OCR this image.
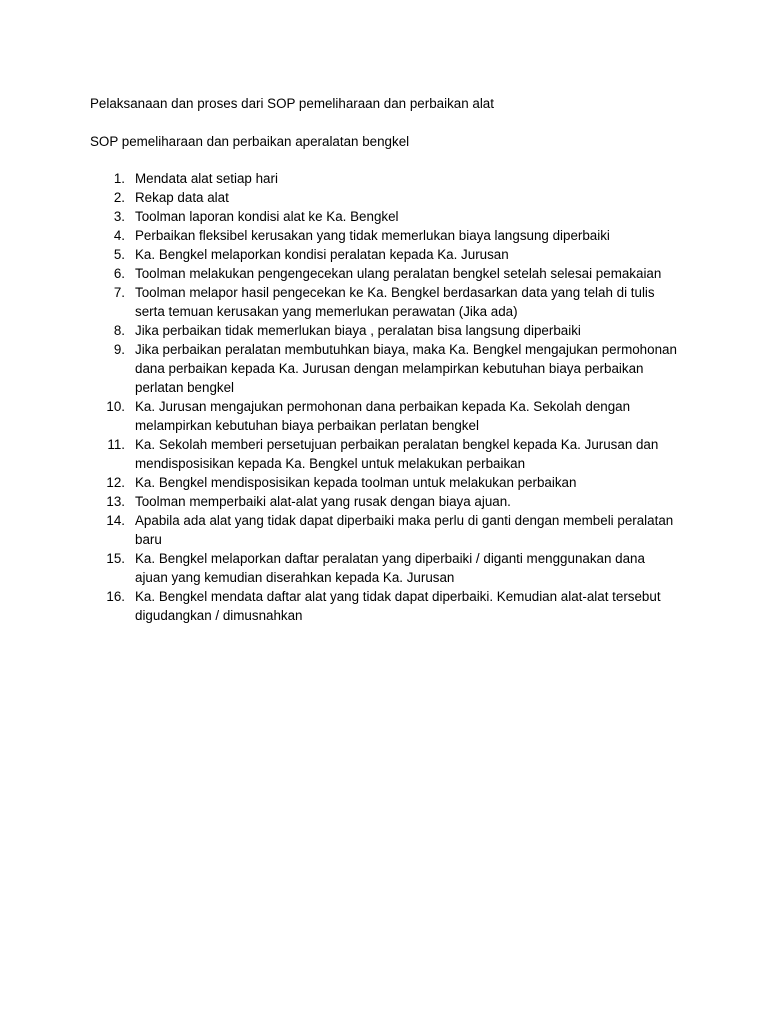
Pelaksanaan dan proses dari SOP pemeliharaan dan perbaikan alat
SOP pemeliharaan dan perbaikan aperalatan bengkel
1. Mendata alat setiap hari
2. Rekap data alat
3. Toolman laporan kondisi alat ke Ka. Bengkel
4. Perbaikan fleksibel kerusakan yang tidak memerlukan biaya langsung diperbaiki
5. Ka. Bengkel melaporkan kondisi peralatan kepada Ka. Jurusan
6. Toolman melakukan pengengecekan ulang peralatan bengkel setelah selesai pemakaian
7. Toolman melapor hasil pengecekan ke Ka. Bengkel berdasarkan data yang telah di tulis serta temuan kerusakan yang memerlukan perawatan (Jika ada)
8. Jika perbaikan tidak memerlukan biaya , peralatan bisa langsung diperbaiki
9. Jika perbaikan peralatan membutuhkan biaya, maka Ka. Bengkel mengajukan permohonan dana perbaikan kepada Ka. Jurusan dengan melampirkan kebutuhan biaya perbaikan perlatan bengkel
10. Ka. Jurusan mengajukan permohonan dana perbaikan kepada Ka. Sekolah dengan melampirkan kebutuhan biaya perbaikan perlatan bengkel
11. Ka. Sekolah memberi persetujuan perbaikan peralatan bengkel kepada Ka. Jurusan dan mendisposisikan kepada Ka. Bengkel untuk melakukan perbaikan
12. Ka. Bengkel mendisposisikan kepada toolman untuk melakukan perbaikan
13. Toolman memperbaiki alat-alat yang rusak dengan biaya ajuan.
14. Apabila ada alat yang tidak dapat diperbaiki maka perlu di ganti dengan membeli peralatan baru
15. Ka. Bengkel melaporkan daftar peralatan yang diperbaiki / diganti menggunakan dana ajuan yang kemudian diserahkan kepada Ka. Jurusan
16. Ka. Bengkel mendata daftar alat yang tidak dapat diperbaiki. Kemudian alat-alat tersebut digudangkan / dimusnahkan
